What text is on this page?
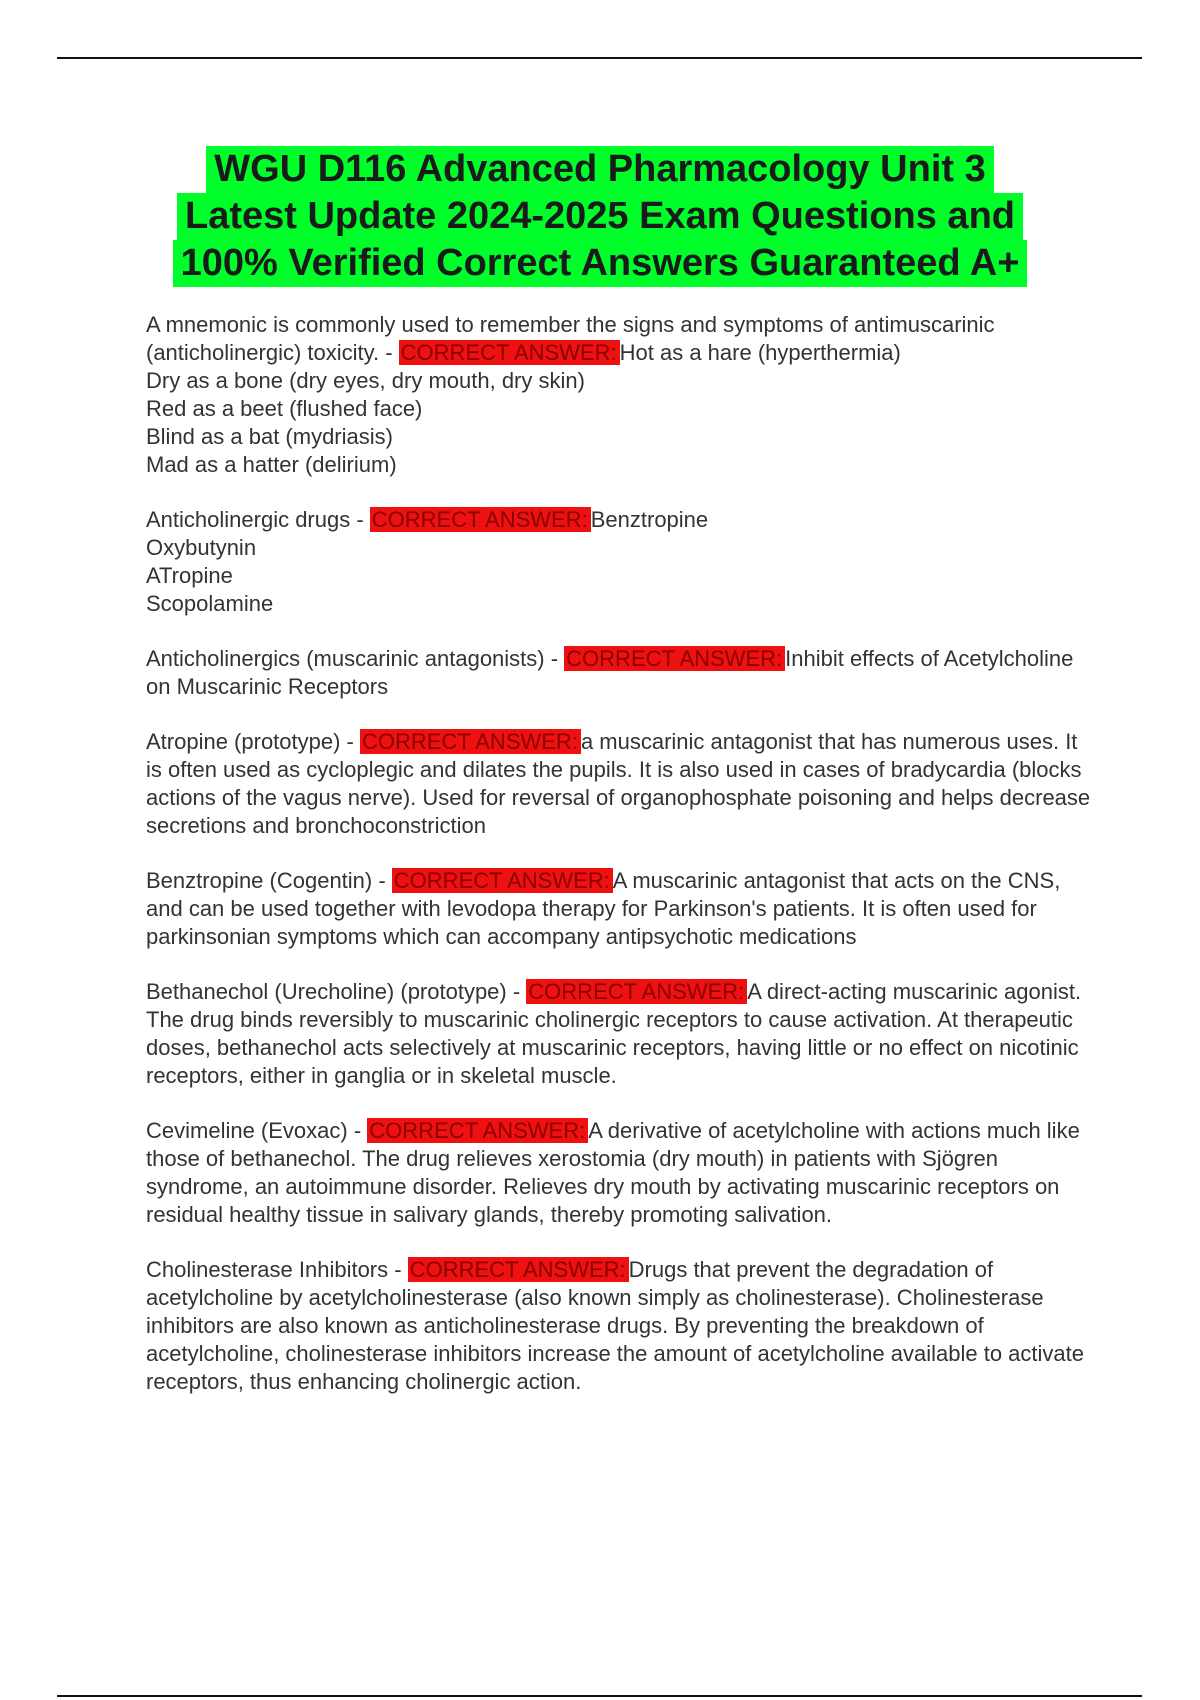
WGU D116 Advanced Pharmacology Unit 3
Latest Update 2024-2025 Exam Questions and
100% Verified Correct Answers Guaranteed A+

A mnemonic is commonly used to remember the signs and symptoms of antimuscarinic (anticholinergic) toxicity. - CORRECT ANSWER: Hot as a hare (hyperthermia)

Dry as a bone (dry eyes, dry mouth, dry skin)

Red as a beet (flushed face)

Blind as a bat (mydriasis)

Mad as a hatter (delirium)

Anticholinergic drugs - CORRECT ANSWER: Benztropine

Oxybutynin

ATropine

Scopolamine

Anticholinergics (muscarinic antagonists) - CORRECT ANSWER: Inhibit effects of Acetylcholine on Muscarinic Receptors

Atropine (prototype) - CORRECT ANSWER: a muscarinic antagonist that has numerous uses. It is often used as cycloplegic and dilates the pupils. It is also used in cases of bradycardia (blocks actions of the vagus nerve). Used for reversal of organophosphate poisoning and helps decrease secretions and bronchoconstriction

Benztropine (Cogentin) - CORRECT ANSWER: A muscarinic antagonist that acts on the CNS, and can be used together with levodopa therapy for Parkinson's patients. It is often used for parkinsonian symptoms which can accompany antipsychotic medications

Bethanechol (Urecholine) (prototype) - CORRECT ANSWER: A direct-acting muscarinic agonist. The drug binds reversibly to muscarinic cholinergic receptors to cause activation. At therapeutic doses, bethanechol acts selectively at muscarinic receptors, having little or no effect on nicotinic receptors, either in ganglia or in skeletal muscle.

Cevimeline (Evoxac) - CORRECT ANSWER: A derivative of acetylcholine with actions much like those of bethanechol. The drug relieves xerostomia (dry mouth) in patients with Sjögren syndrome, an autoimmune disorder. Relieves dry mouth by activating muscarinic receptors on residual healthy tissue in salivary glands, thereby promoting salivation.

Cholinesterase Inhibitors - CORRECT ANSWER: Drugs that prevent the degradation of acetylcholine by acetylcholinesterase (also known simply as cholinesterase). Cholinesterase inhibitors are also known as anticholinesterase drugs. By preventing the breakdown of acetylcholine, cholinesterase inhibitors increase the amount of acetylcholine available to activate receptors, thus enhancing cholinergic action.
